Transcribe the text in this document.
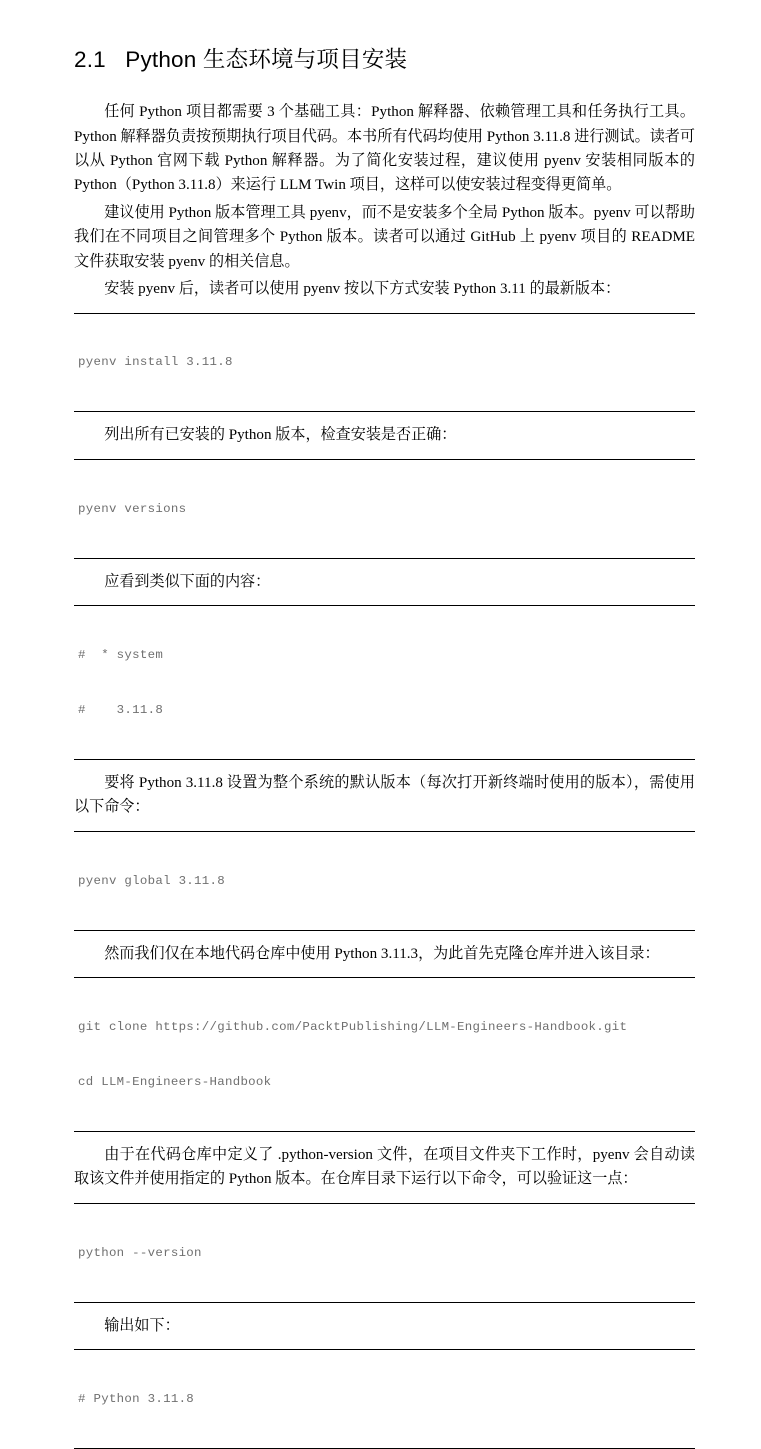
2.1   Python 生态环境与项目安装

任何 Python 项目都需要 3 个基础工具：Python 解释器、依赖管理工具和任务执行工具。Python 解释器负责按预期执行项目代码。本书所有代码均使用 Python 3.11.8 进行测试。读者可以从 Python 官网下载 Python 解释器。为了简化安装过程，建议使用 pyenv 安装相同版本的 Python（Python 3.11.8）来运行 LLM Twin 项目，这样可以使安装过程变得更简单。

建议使用 Python 版本管理工具 pyenv，而不是安装多个全局 Python 版本。pyenv 可以帮助我们在不同项目之间管理多个 Python 版本。读者可以通过 GitHub 上 pyenv 项目的 README 文件获取安装 pyenv 的相关信息。

安装 pyenv 后，读者可以使用 pyenv 按以下方式安装 Python 3.11 的最新版本：

pyenv install 3.11.8

列出所有已安装的 Python 版本，检查安装是否正确：

pyenv versions

应看到类似下面的内容：

#  * system

#    3.11.8

要将 Python 3.11.8 设置为整个系统的默认版本（每次打开新终端时使用的版本），需使用以下命令：

pyenv global 3.11.8

然而我们仅在本地代码仓库中使用 Python 3.11.3，为此首先克隆仓库并进入该目录：

git clone https://github.com/PacktPublishing/LLM-Engineers-Handbook.git

cd LLM-Engineers-Handbook

由于在代码仓库中定义了 .python-version 文件，在项目文件夹下工作时，pyenv 会自动读取该文件并使用指定的 Python 版本。在仓库目录下运行以下命令，可以验证这一点：

python --version

输出如下：

# Python 3.11.8
